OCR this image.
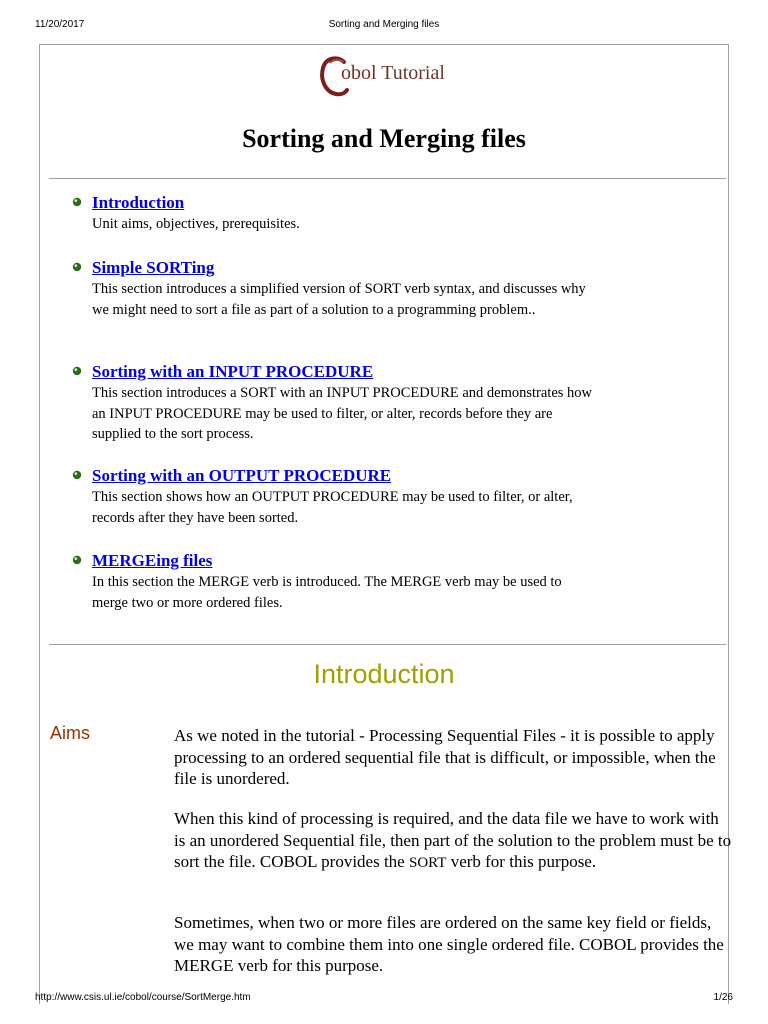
11/20/2017	Sorting and Merging files
obol Tutorial
Sorting and Merging files
Introduction
Unit aims, objectives, prerequisites.
Simple SORTing
This section introduces a simplified version of SORT verb syntax, and discusses why we might need to sort a file as part of a solution to a programming problem..
Sorting with an INPUT PROCEDURE
This section introduces a SORT with an INPUT PROCEDURE and demonstrates how an INPUT PROCEDURE may be used to filter, or alter, records before they are supplied to the sort process.
Sorting with an OUTPUT PROCEDURE
This section shows how an OUTPUT PROCEDURE may be used to filter, or alter, records after they have been sorted.
MERGEing files
In this section the MERGE verb is introduced. The MERGE verb may be used to merge two or more ordered files.
Introduction
Aims	As we noted in the tutorial - Processing Sequential Files - it is possible to apply processing to an ordered sequential file that is difficult, or impossible, when the file is unordered.

When this kind of processing is required, and the data file we have to work with is an unordered Sequential file, then part of the solution to the problem must be to sort the file. COBOL provides the SORT verb for this purpose.

Sometimes, when two or more files are ordered on the same key field or fields, we may want to combine them into one single ordered file. COBOL provides the MERGE verb for this purpose.

http://www.csis.ul.ie/cobol/course/SortMerge.htm	1/26
